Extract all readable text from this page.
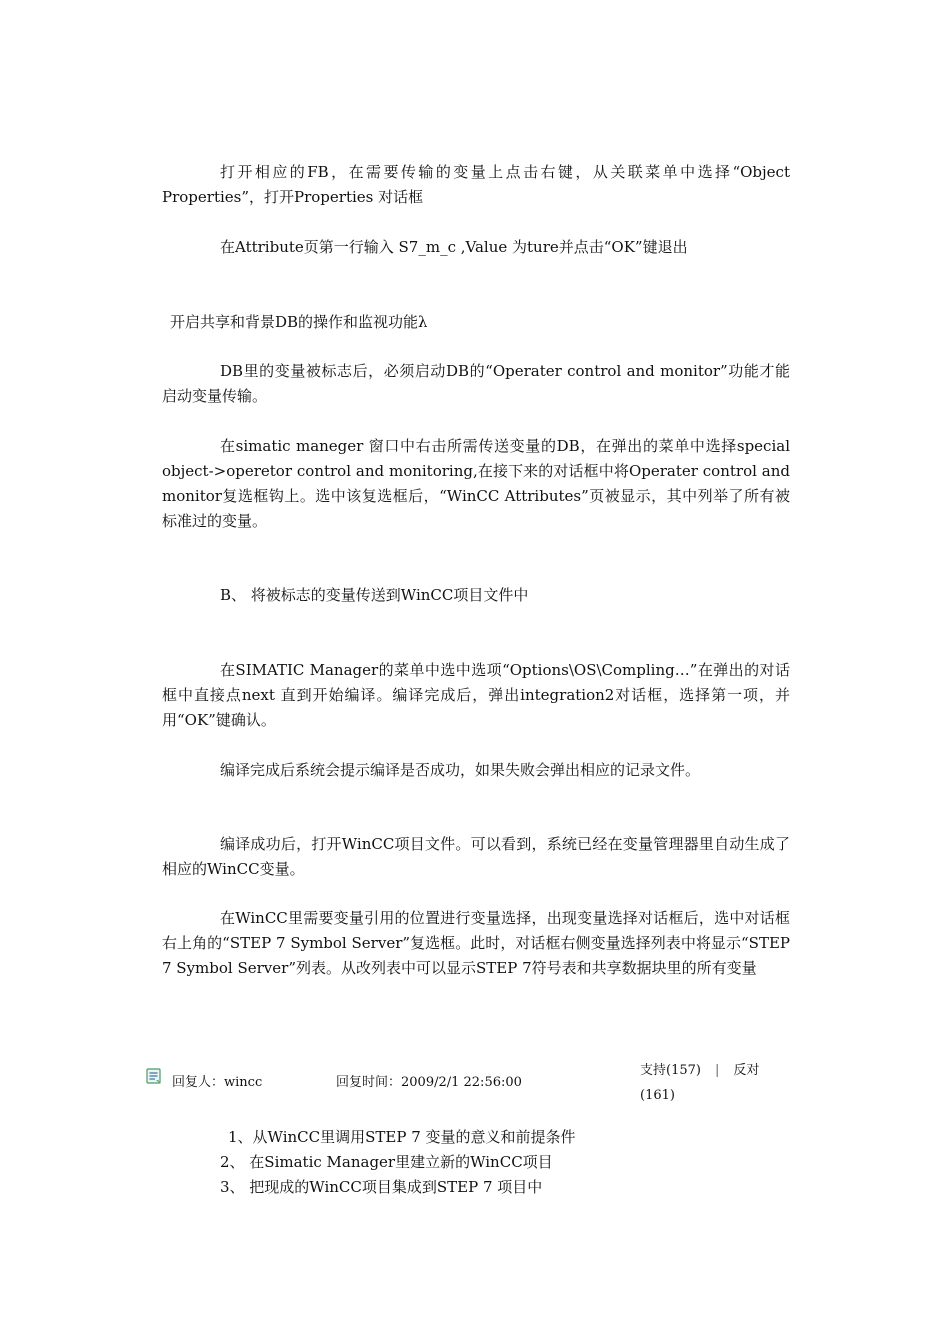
打开相应的FB，在需要传输的变量上点击右键，从关联菜单中选择“Object Properties”，打开Properties 对话框

在Attribute页第一行输入 S7_m_c ,Value 为ture并点击“OK”键退出

开启共享和背景DB的操作和监视功能λ

DB里的变量被标志后，必须启动DB的“Operater control and monitor”功能才能启动变量传输。

在simatic maneger 窗口中右击所需传送变量的DB，在弹出的菜单中选择special object->operetor control and monitoring,在接下来的对话框中将Operater control and monitor复选框钩上。选中该复选框后，“WinCC Attributes”页被显示，其中列举了所有被标准过的变量。

B、 将被标志的变量传送到WinCC项目文件中

在SIMATIC Manager的菜单中选中选项“Options\OS\Compling…”在弹出的对话框中直接点next 直到开始编译。编译完成后，弹出integration2对话框，选择第一项，并用“OK”键确认。

编译完成后系统会提示编译是否成功，如果失败会弹出相应的记录文件。

编译成功后，打开WinCC项目文件。可以看到，系统已经在变量管理器里自动生成了相应的WinCC变量。

在WinCC里需要变量引用的位置进行变量选择，出现变量选择对话框后，选中对话框右上角的“STEP 7 Symbol Server”复选框。此时，对话框右侧变量选择列表中将显示“STEP 7 Symbol Server”列表。从改列表中可以显示STEP 7符号表和共享数据块里的所有变量

回复人：wincc	回复时间：2009/2/1 22:56:00
支持(157) | 反对
(161)
1、从WinCC里调用STEP 7 变量的意义和前提条件
2、 在Simatic Manager里建立新的WinCC项目
3、 把现成的WinCC项目集成到STEP 7 项目中
